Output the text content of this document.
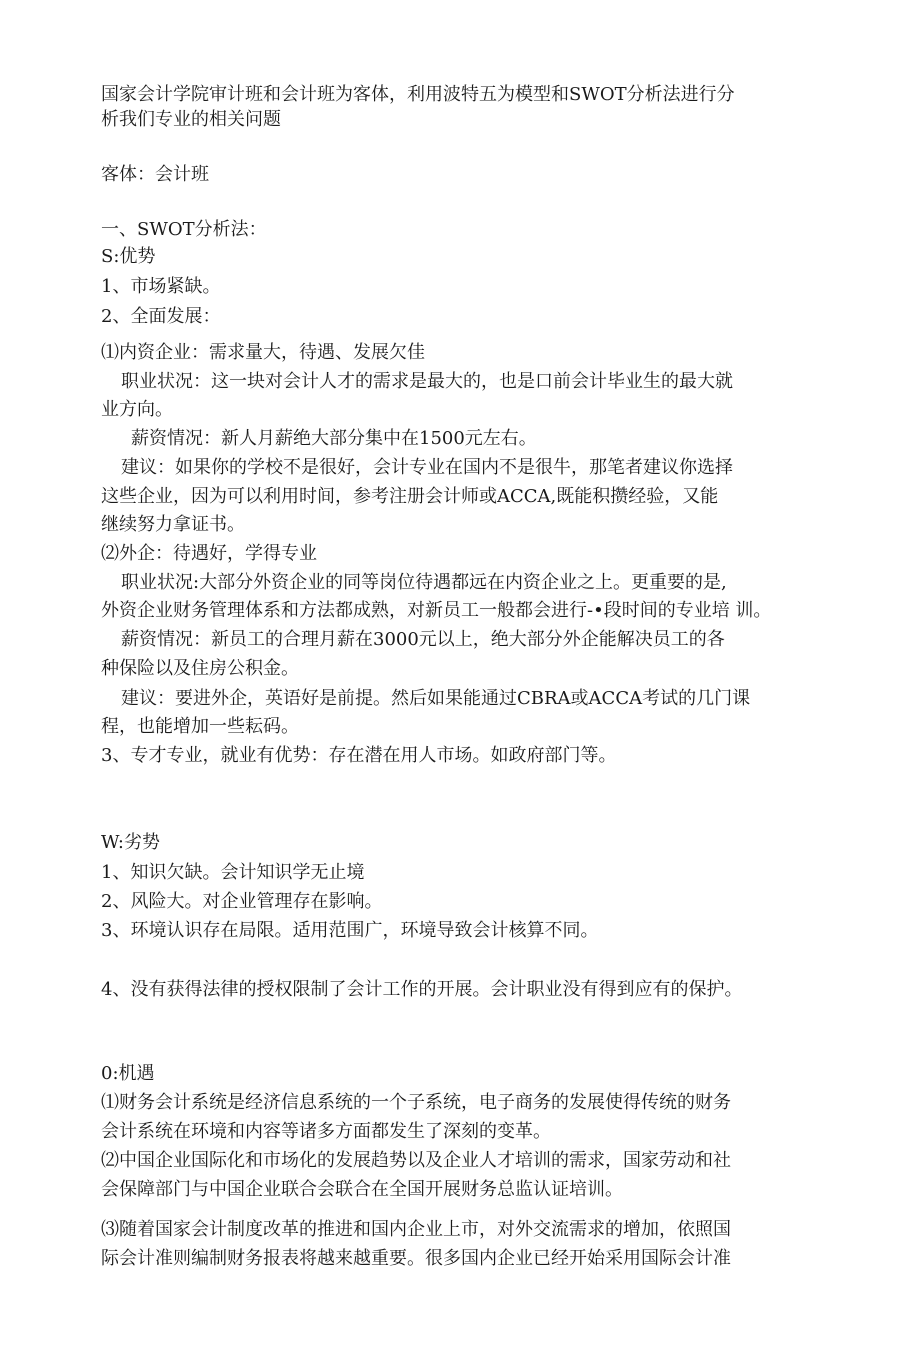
国家会计学院审计班和会计班为客体，利用波特五为模型和SWOT分析法进行分
析我们专业的相关问题
客体：会计班
一、SWOT分析法：
S:优势
1、市场紧缺。
2、全面发展：
⑴内资企业：需求量大，待遇、发展欠佳
职业状况：这一块对会计人才的需求是最大的，也是口前会计毕业生的最大就
业方向。
薪资情况：新人月薪绝大部分集中在1500元左右。
建议：如果你的学校不是很好，会计专业在国内不是很牛，那笔者建议你选择
这些企业，因为可以利用时间，参考注册会计师或ACCA,既能积攒经验，又能
继续努力拿证书。
⑵外企：待遇好，学得专业
职业状况:大部分外资企业的同等岗位待遇都远在内资企业之上。更重要的是,
外资企业财务管理体系和方法都成熟，对新员工一般都会进行-•段时间的专业培 训。
薪资情况：新员工的合理月薪在3000元以上，绝大部分外企能解决员工的各
种保险以及住房公积金。
建议：要进外企，英语好是前提。然后如果能通过CBRA或ACCA考试的几门课
程，也能增加一些耘码。
3、专才专业，就业有优势：存在潜在用人市场。如政府部门等。
W:劣势
1、知识欠缺。会计知识学无止境
2、风险大。对企业管理存在影响。
3、环境认识存在局限。适用范围广，环境导致会计核算不同。
4、没有获得法律的授权限制了会计工作的开展。会计职业没有得到应有的保护。
0:机遇
⑴财务会计系统是经济信息系统的一个子系统，电子商务的发展使得传统的财务
会计系统在环境和内容等诸多方面都发生了深刻的变革。
⑵中国企业国际化和市场化的发展趋势以及企业人才培训的需求，国家劳动和社
会保障部门与中国企业联合会联合在全国开展财务总监认证培训。
⑶随着国家会计制度改革的推进和国内企业上市，对外交流需求的增加，依照国
际会计准则编制财务报表将越来越重要。很多国内企业已经开始采用国际会计准
